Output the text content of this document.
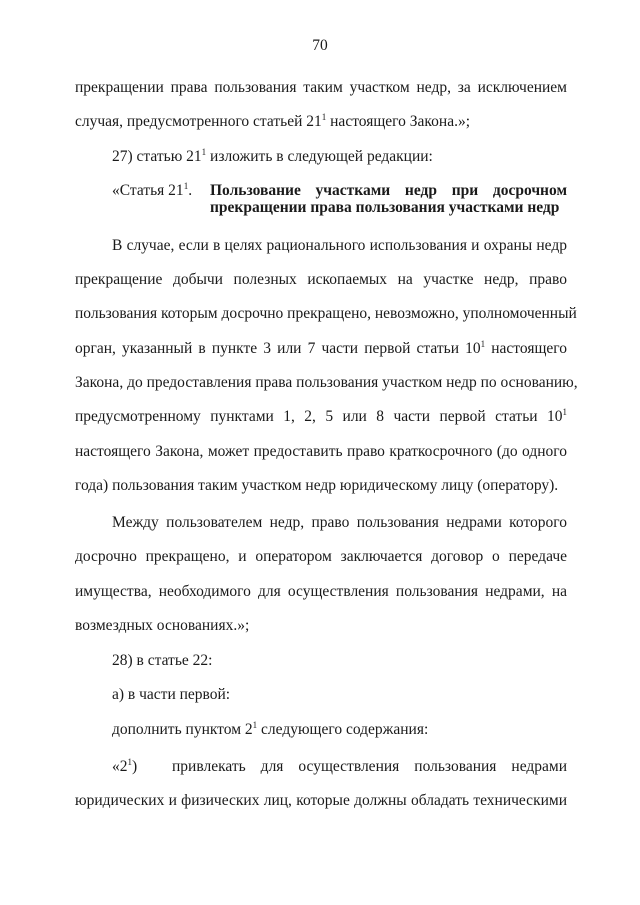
70
прекращении права пользования таким участком недр, за исключением
случая, предусмотренного статьей $21^1$ настоящего Закона.»;
27) статью $21^1$ изложить в следующей редакции:
«Статья $21^1$. Пользование участками недр при досрочном
прекращении права пользования участками недр
В случае, если в целях рационального использования и охраны недр
прекращение добычи полезных ископаемых на участке недр, право
пользования которым досрочно прекращено, невозможно, уполномоченный
орган, указанный в пункте 3 или 7 части первой статьи $10^1$ настоящего
Закона, до предоставления права пользования участком недр по основанию,
предусмотренному пунктами 1, 2, 5 или 8 части первой статьи $10^1$
настоящего Закона, может предоставить право краткосрочного (до одного
года) пользования таким участком недр юридическому лицу (оператору).
Между пользователем недр, право пользования недрами которого
досрочно прекращено, и оператором заключается договор о передаче
имущества, необходимого для осуществления пользования недрами, на
возмездных основаниях.»;
28) в статье 22:
а) в части первой:
дополнить пунктом $2^1$ следующего содержания:
«$2^1$) привлекать для осуществления пользования недрами
юридических и физических лиц, которые должны обладать техническими
